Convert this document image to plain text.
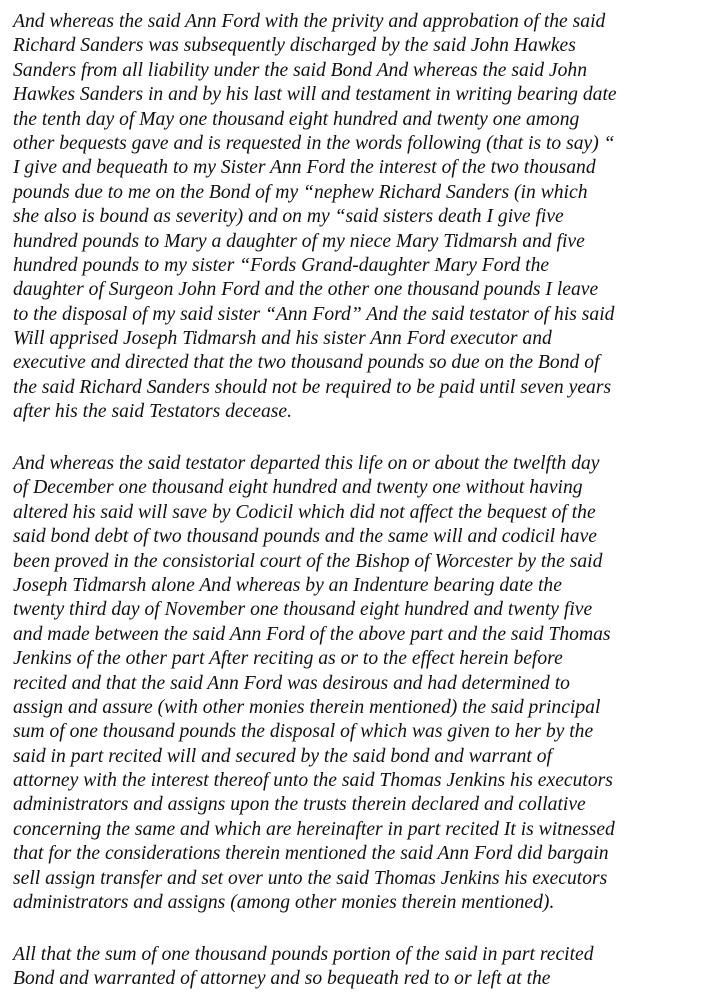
And whereas the said Ann Ford with the privity and approbation of the said
Richard Sanders was subsequently discharged by the said John Hawkes
Sanders from all liability under the said Bond And whereas the said John
Hawkes Sanders in and by his last will and testament in writing bearing date
the tenth day of May one thousand eight hundred and twenty one among
other bequests gave and is requested in the words following (that is to say) “
I give and bequeath to my Sister Ann Ford the interest of the two thousand
pounds due to me on the Bond of my “nephew Richard Sanders (in which
she also is bound as severity) and on my “said sisters death I give five
hundred pounds to Mary a daughter of my niece Mary Tidmarsh and five
hundred pounds to my sister “Fords Grand-daughter Mary Ford the
daughter of Surgeon John Ford and the other one thousand pounds I leave
to the disposal of my said sister “Ann Ford” And the said testator of his said
Will apprised Joseph Tidmarsh and his sister Ann Ford executor and
executive and directed that the two thousand pounds so due on the Bond of
the said Richard Sanders should not be required to be paid until seven years
after his the said Testators decease.
And whereas the said testator departed this life on or about the twelfth day
of December one thousand eight hundred and twenty one without having
altered his said will save by Codicil which did not affect the bequest of the
said bond debt of two thousand pounds and the same will and codicil have
been proved in the consistorial court of the Bishop of Worcester by the said
Joseph Tidmarsh alone And whereas by an Indenture bearing date the
twenty third day of November one thousand eight hundred and twenty five
and made between the said Ann Ford of the above part and the said Thomas
Jenkins of the other part After reciting as or to the effect herein before
recited and that the said Ann Ford was desirous and had determined to
assign and assure (with other monies therein mentioned) the said principal
sum of one thousand pounds the disposal of which was given to her by the
said in part recited will and secured by the said bond and warrant of
attorney with the interest thereof unto the said Thomas Jenkins his executors
administrators and assigns upon the trusts therein declared and collative
concerning the same and which are hereinafter in part recited It is witnessed
that for the considerations therein mentioned the said Ann Ford did bargain
sell assign transfer and set over unto the said Thomas Jenkins his executors
administrators and assigns (among other monies therein mentioned).
All that the sum of one thousand pounds portion of the said in part recited
Bond and warranted of attorney and so bequeath red to or left at the
